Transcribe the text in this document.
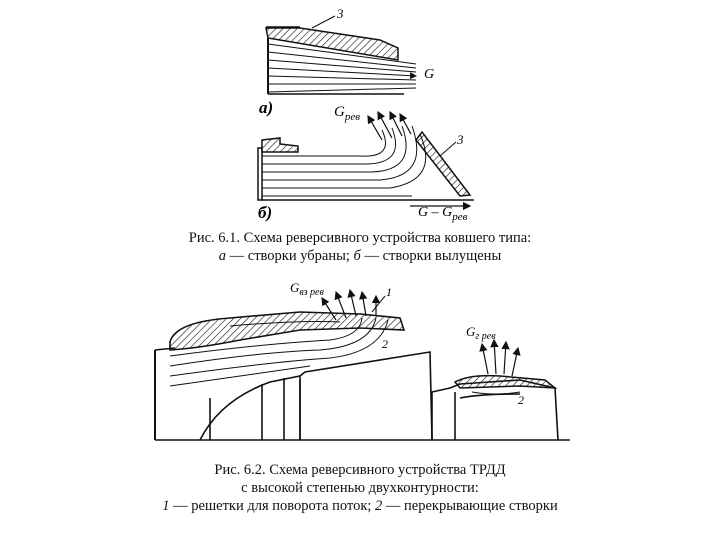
3
G
а)
3
$G_{рев}$
G – $G_{рев}$
б)
Рис. 6.1. Схема реверсивного устройства ковшего типа:
а — створки убраны; б — створки вылущены
$G_{вз рев}$	1
2
$G_{г рев}$
2
Рис. 6.2. Схема реверсивного устройства ТРДД
с высокой степенью двухконтурности:
1 — решетки для поворота поток; 2 — перекрывающие створки
